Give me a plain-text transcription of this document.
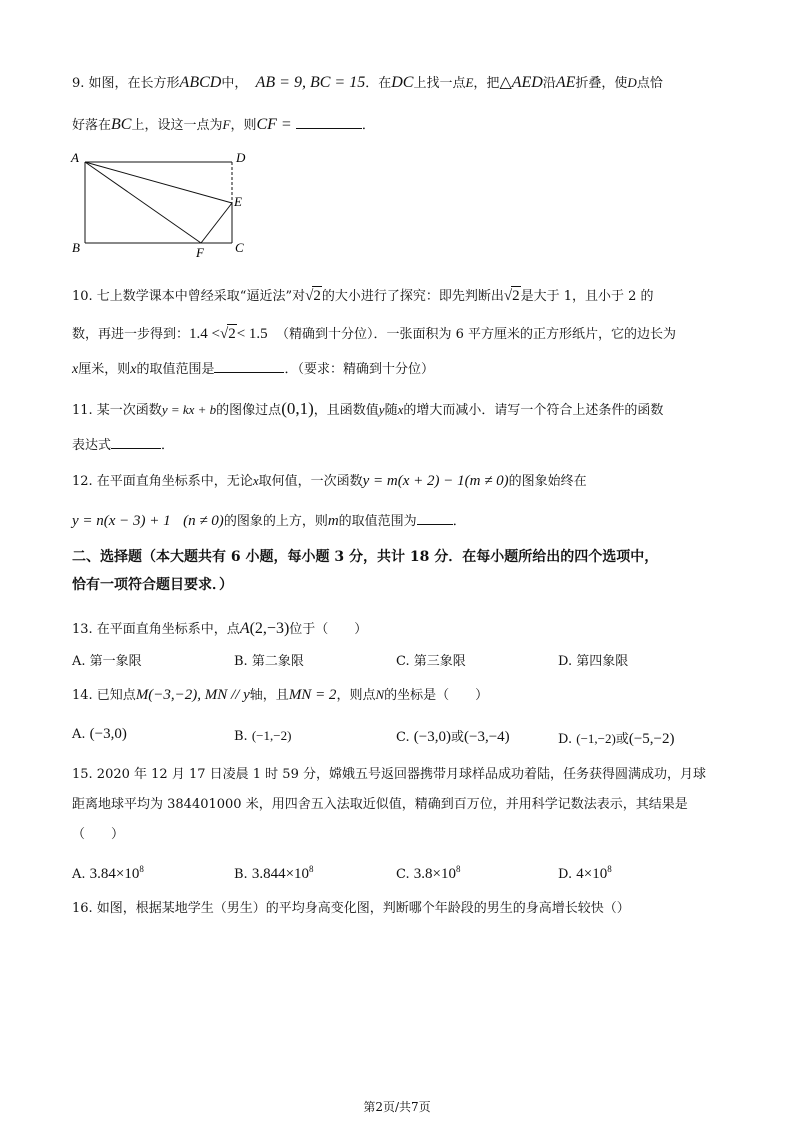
9. 如图，在长方形ABCD中， AB = 9, BC = 15．在DC上找一点E，把△AED沿AE折叠，使D点恰
好落在BC上，设这一点为F，则CF =	．
A	D
E
B	F C
10. 七上数学课本中曾经采取“逼近法”对√2的大小进行了探究：即先判断出√2是大于 1，且小于 2 的
数，再进一步得到：1.4 <√2< 1.5 （精确到十分位）．一张面积为 6 平方厘米的正方形纸片，它的边长为
x厘米，则x的取值范围是	．（要求：精确到十分位）
11. 某一次函数y = kx + b的图像过点(0,1)，且函数值y随x的增大而减小．请写一个符合上述条件的函数
表达式	．
12. 在平面直角坐标系中，无论x取何值，一次函数y = m(x + 2) − 1(m ≠ 0)的图象始终在
y = n(x − 3) + 1 (n ≠ 0)的图象的上方，则m的取值范围为	．
二、选择题（本大题共有 6 小题，每小题 3 分，共计 18 分．在每小题所给出的四个选项中，
恰有一项符合题目要求．）
13. 在平面直角坐标系中，点A(2,−3)位于（　　）
A. 第一象限	B. 第二象限	C. 第三象限	D. 第四象限
14. 已知点M(−3,−2), MN // y轴，且MN = 2，则点N的坐标是（　　）
A. (−3,0)	B. (−1,−2)	C. (−3,0)或(−3,−4)	D. (−1,−2)或(−5,−2)
15. 2020 年 12 月 17 日凌晨 1 时 59 分，嫦娥五号返回器携带月球样品成功着陆，任务获得圆满成功，月球
距离地球平均为 384401000 米，用四舍五入法取近似值，精确到百万位，并用科学记数法表示，其结果是
（　　）
A. $3.84\times 10^8$	B. $3.844\times 10^8$	C. $3.8\times 10^8$	D. $4\times 10^8$
16. 如图，根据某地学生（男生）的平均身高变化图，判断哪个年龄段的男生的身高增长较快（）
第2页/共7页
